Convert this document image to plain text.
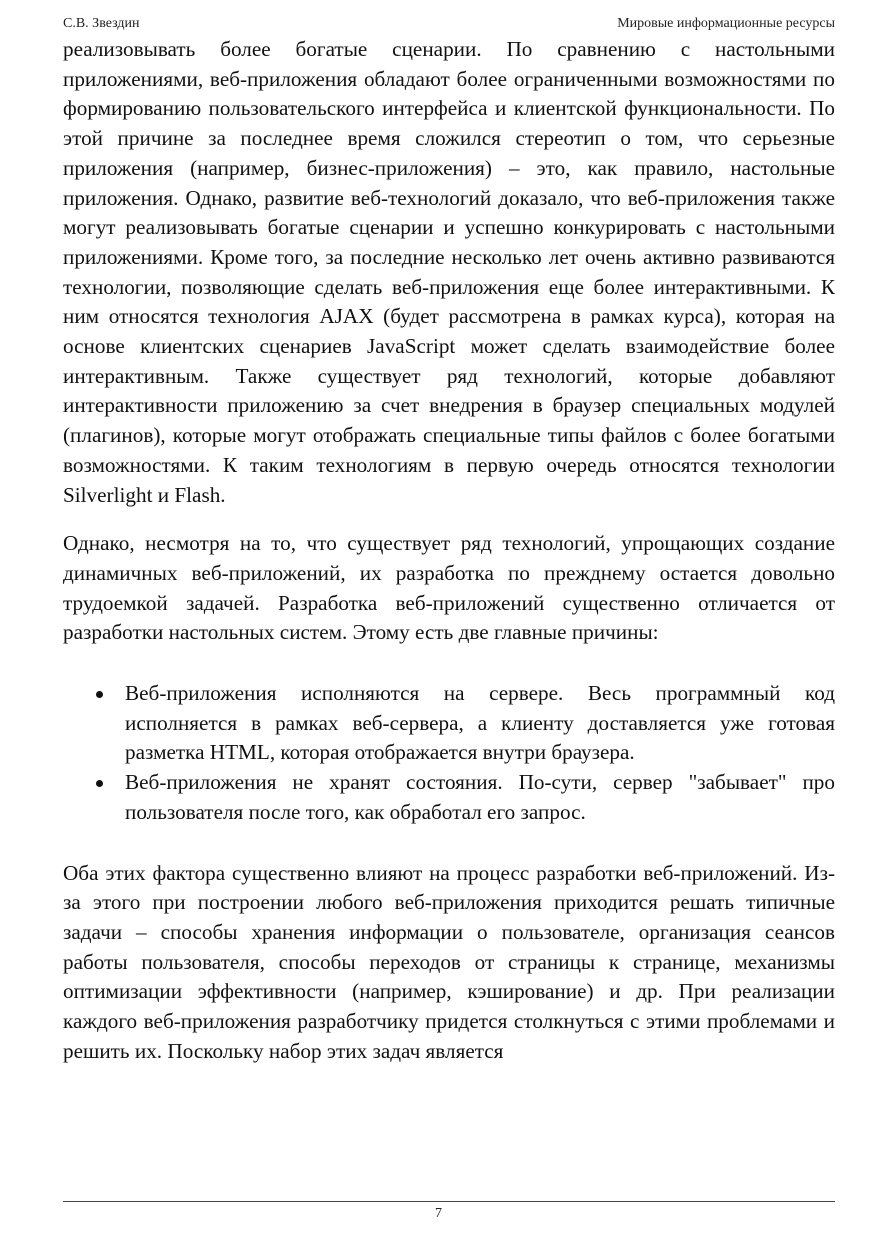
С.В. Звездин	Мировые информационные ресурсы

реализовывать более богатые сценарии. По сравнению с настольными приложениями, веб-приложения обладают более ограниченными возможностями по формированию пользовательского интерфейса и клиентской функциональности. По этой причине за последнее время сложился стереотип о том, что серьезные приложения (например, бизнес-приложения) – это, как правило, настольные приложения. Однако, развитие веб-технологий доказало, что веб-приложения также могут реализовывать богатые сценарии и успешно конкурировать с настольными приложениями. Кроме того, за последние несколько лет очень активно развиваются технологии, позволяющие сделать веб-приложения еще более интерактивными. К ним относятся технология AJAX (будет рассмотрена в рамках курса), которая на основе клиентских сценариев JavaScript может сделать взаимодействие более интерактивным. Также существует ряд технологий, которые добавляют интерактивности приложению за счет внедрения в браузер специальных модулей (плагинов), которые могут отображать специальные типы файлов с более богатыми возможностями. К таким технологиям в первую очередь относятся технологии Silverlight и Flash.

Однако, несмотря на то, что существует ряд технологий, упрощающих создание динамичных веб-приложений, их разработка по прежднему остается довольно трудоемкой задачей. Разработка веб-приложений существенно отличается от разработки настольных систем. Этому есть две главные причины:

Веб-приложения исполняются на сервере. Весь программный код исполняется в рамках веб-сервера, а клиенту доставляется уже готовая разметка HTML, которая отображается внутри браузера.
Веб-приложения не хранят состояния. По-сути, сервер "забывает" про пользователя после того, как обработал его запрос.

Оба этих фактора существенно влияют на процесс разработки веб-приложений. Из-за этого при построении любого веб-приложения приходится решать типичные задачи – способы хранения информации о пользователе, организация сеансов работы пользователя, способы переходов от страницы к странице, механизмы оптимизации эффективности (например, кэширование) и др. При реализации каждого веб-приложения разработчику придется столкнуться с этими проблемами и решить их. Поскольку набор этих задач является

7
